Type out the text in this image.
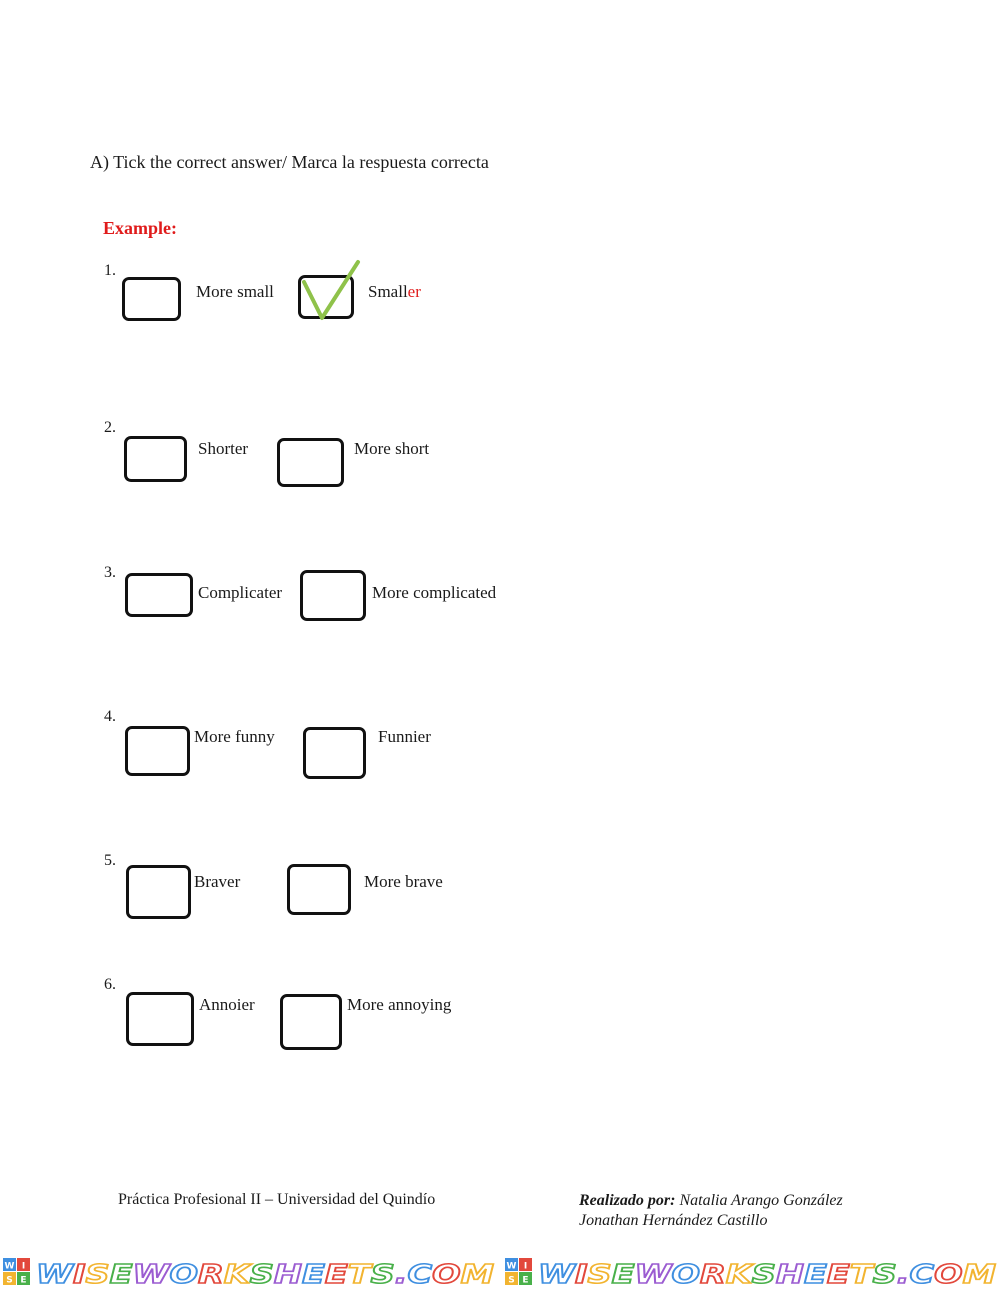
A) Tick the correct answer/ Marca la respuesta correcta
Example:
1.
More small	Smaller
2.
Shorter	More short
3.
Complicater	More complicated
4.
More funny	Funnier
5.
Braver	More brave
6.
Annoier	More annoying
Práctica Profesional II – Universidad del Quindío	Realizado por: Natalia Arango González
Jonathan Hernández Castillo
W I
S E W I S E W O R K S H E E T S . C O M	W I
S E W I S E W O R K S H E E T S . C O M
